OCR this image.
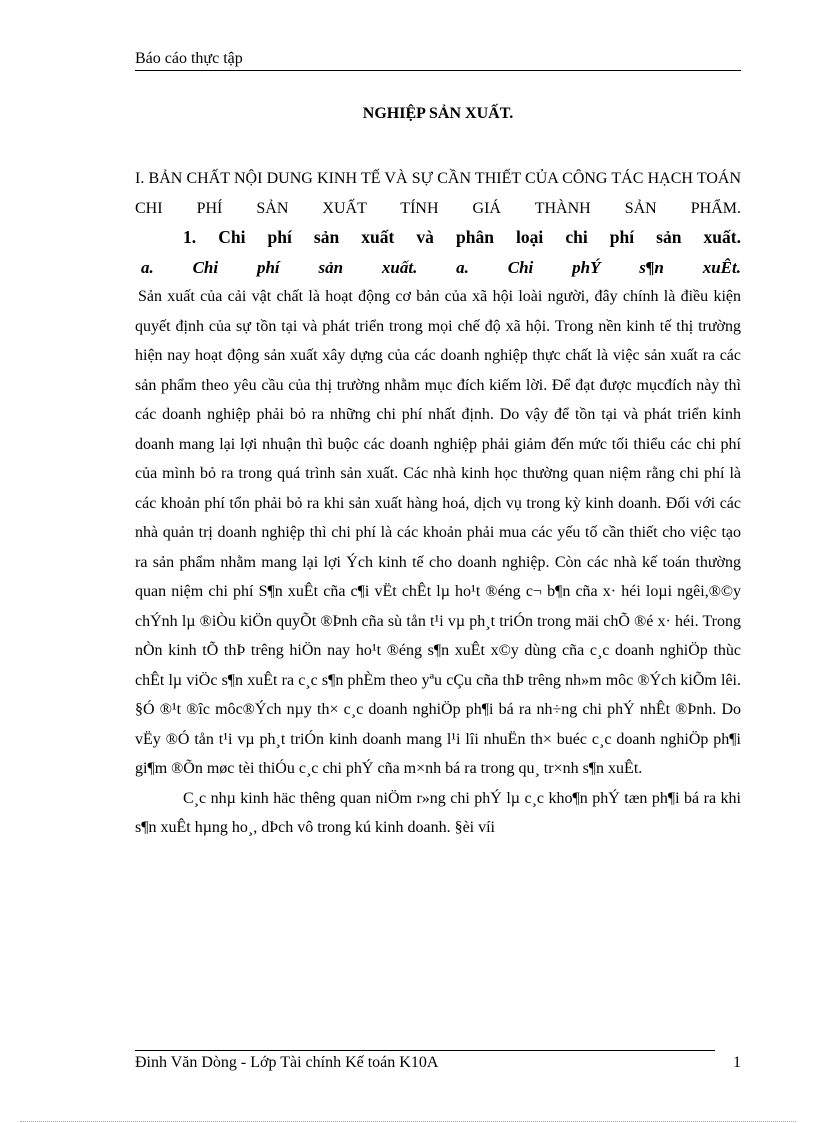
Báo cáo thực tập
NGHIỆP SẢN XUẤT.

I. BẢN CHẤT NỘI DUNG KINH TẾ VÀ SỰ CẦN THIẾT CỦA CÔNG TÁC HẠCH TOÁN CHI PHÍ SẢN XUẤT TÍNH GIÁ THÀNH SẢN PHẨM.

1. Chi phí sản xuất và phân loại chi phí sản xuất.

a. Chi phí sản xuất. a. Chi phÝ s¶n xuÊt.

Sản xuất của cải vật chất là hoạt động cơ bản của xã hội loài người, đây chính là điều kiện quyết định của sự tồn tại và phát triển trong mọi chế độ xã hội. Trong nền kinh tế thị trường hiện nay hoạt động sản xuất xây dựng của các doanh nghiệp thực chất là việc sản xuất ra các sản phẩm theo yêu cầu của thị trường nhằm mục đích kiếm lời. Để đạt được mụcđích này thì các doanh nghiệp phải bỏ ra những chi phí nhất định. Do vậy để tồn tại và phát triển kinh doanh mang lại lợi nhuận thì buộc các doanh nghiệp phải giảm đến mức tối thiểu các chi phí của mình bỏ ra trong quá trình sản xuất. Các nhà kinh học thường quan niệm rằng chi phí là các khoản phí tổn phải bỏ ra khi sản xuất hàng hoá, dịch vụ trong kỳ kinh doanh. Đối với các nhà quản trị doanh nghiệp thì chi phí là các khoản phải mua các yếu tố cần thiết cho việc tạo ra sản phẩm nhằm mang lại lợi Ých kinh tế cho doanh nghiệp. Còn các nhà kế toán thường quan niệm chi phí S¶n xuÊt cña c¶i vËt chÊt lµ ho¹t ®éng c¬ b¶n cña x· héi loµi ngêi,®©y chÝnh lµ ®iÒu kiÖn quyÕt ®Þnh cña sù tån t¹i vµ ph¸t triÓn trong mäi chÕ ®é x· héi. Trong nÒn kinh tÕ thÞ trêng hiÖn nay ho¹t ®éng s¶n xuÊt x©y dùng cña c¸c doanh nghiÖp thùc chÊt lµ viÖc s¶n xuÊt ra c¸c s¶n phÈm theo yªu cÇu cña thÞ trêng nh»m môc ®Ých kiÕm lêi. §Ó ®¹t ®îc môc®Ých nµy th× c¸c doanh nghiÖp ph¶i bá ra nh÷ng chi phÝ nhÊt ®Þnh. Do vËy ®Ó tån t¹i vµ ph¸t triÓn kinh doanh mang l¹i lîi nhuËn th× buéc c¸c doanh nghiÖp ph¶i gi¶m ®Õn møc tèi thiÓu c¸c chi phÝ cña m×nh bá ra trong qu¸ tr×nh s¶n xuÊt.

C¸c nhµ kinh häc thêng quan niÖm r»ng chi phÝ lµ c¸c kho¶n phÝ tæn ph¶i bá ra khi s¶n xuÊt hµng ho¸, dÞch vô trong kú kinh doanh. §èi víi

Đinh Văn Dòng - Lớp Tài chính Kế toán K10A	1
